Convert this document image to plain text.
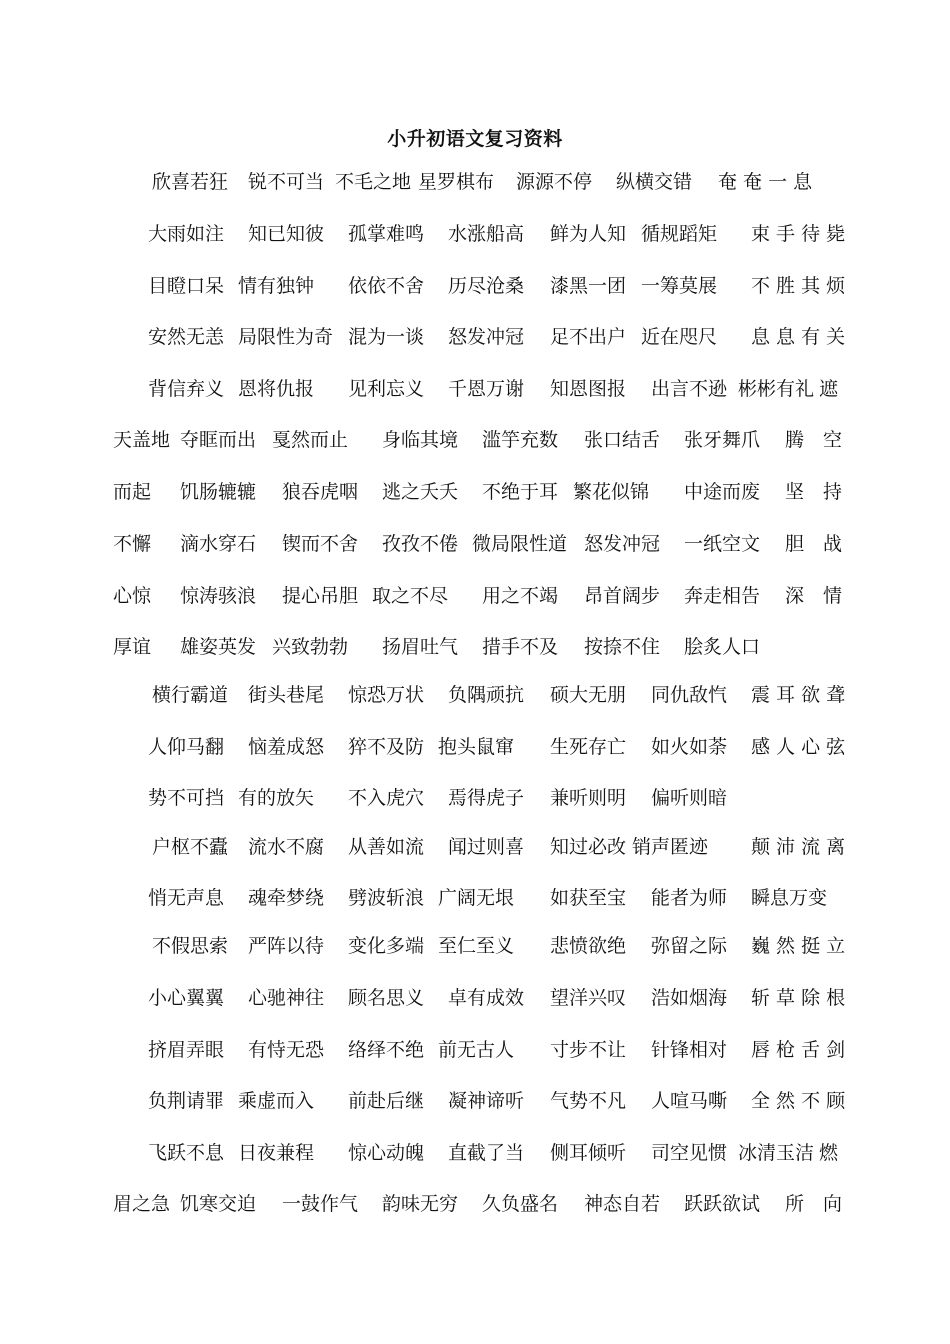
小升初语文复习资料
欣喜若狂 锐不可当 不毛之地 星罗棋布 源源不停 纵横交错 奄 奄 一 息
大雨如注 知已知彼 孤掌难鸣 水涨船高 鲜为人知 循规蹈矩 束 手 待 毙
目瞪口呆 情有独钟 依依不舍 历尽沧桑 漆黑一团 一筹莫展 不 胜 其 烦
安然无恙 局限性为奇 混为一谈 怒发冲冠 足不出户 近在咫尺 息 息 有 关
背信弃义 恩将仇报 见利忘义 千恩万谢 知恩图报 出言不逊 彬彬有礼 遮
天盖地 夺眶而出 戛然而止 身临其境 滥竽充数 张口结舌 张牙舞爪 腾　空
而起 饥肠辘辘 狼吞虎咽 逃之夭夭 不绝于耳 繁花似锦 中途而废 坚　持
不懈 滴水穿石 锲而不舍 孜孜不倦 微局限性道 怒发冲冠 一纸空文 胆　战
心惊 惊涛骇浪 提心吊胆 取之不尽 用之不竭 昂首阔步 奔走相告 深　情
厚谊 雄姿英发 兴致勃勃 扬眉吐气 措手不及 按捺不住 脍炙人口
横行霸道 街头巷尾 惊恐万状 负隅顽抗 硕大无朋 同仇敌忾 震 耳 欲 聋
人仰马翻 恼羞成怒 猝不及防 抱头鼠窜 生死存亡 如火如荼 感 人 心 弦
势不可挡 有的放矢 不入虎穴 焉得虎子 兼听则明 偏听则暗
户枢不蠹 流水不腐 从善如流 闻过则喜 知过必改 销声匿迹 颠 沛 流 离
悄无声息 魂牵梦绕 劈波斩浪 广阔无垠 如获至宝 能者为师 瞬息万变
不假思索 严阵以待 变化多端 至仁至义 悲愤欲绝 弥留之际 巍 然 挺 立
小心翼翼 心驰神往 顾名思义 卓有成效 望洋兴叹 浩如烟海 斩 草 除 根
挤眉弄眼 有恃无恐 络绎不绝 前无古人 寸步不让 针锋相对 唇 枪 舌 剑
负荆请罪 乘虚而入 前赴后继 凝神谛听 气势不凡 人喧马嘶 全 然 不 顾
飞跃不息 日夜兼程 惊心动魄 直截了当 侧耳倾听 司空见惯 冰清玉洁 燃
眉之急 饥寒交迫 一鼓作气 韵味无穷 久负盛名 神态自若 跃跃欲试 所　向
